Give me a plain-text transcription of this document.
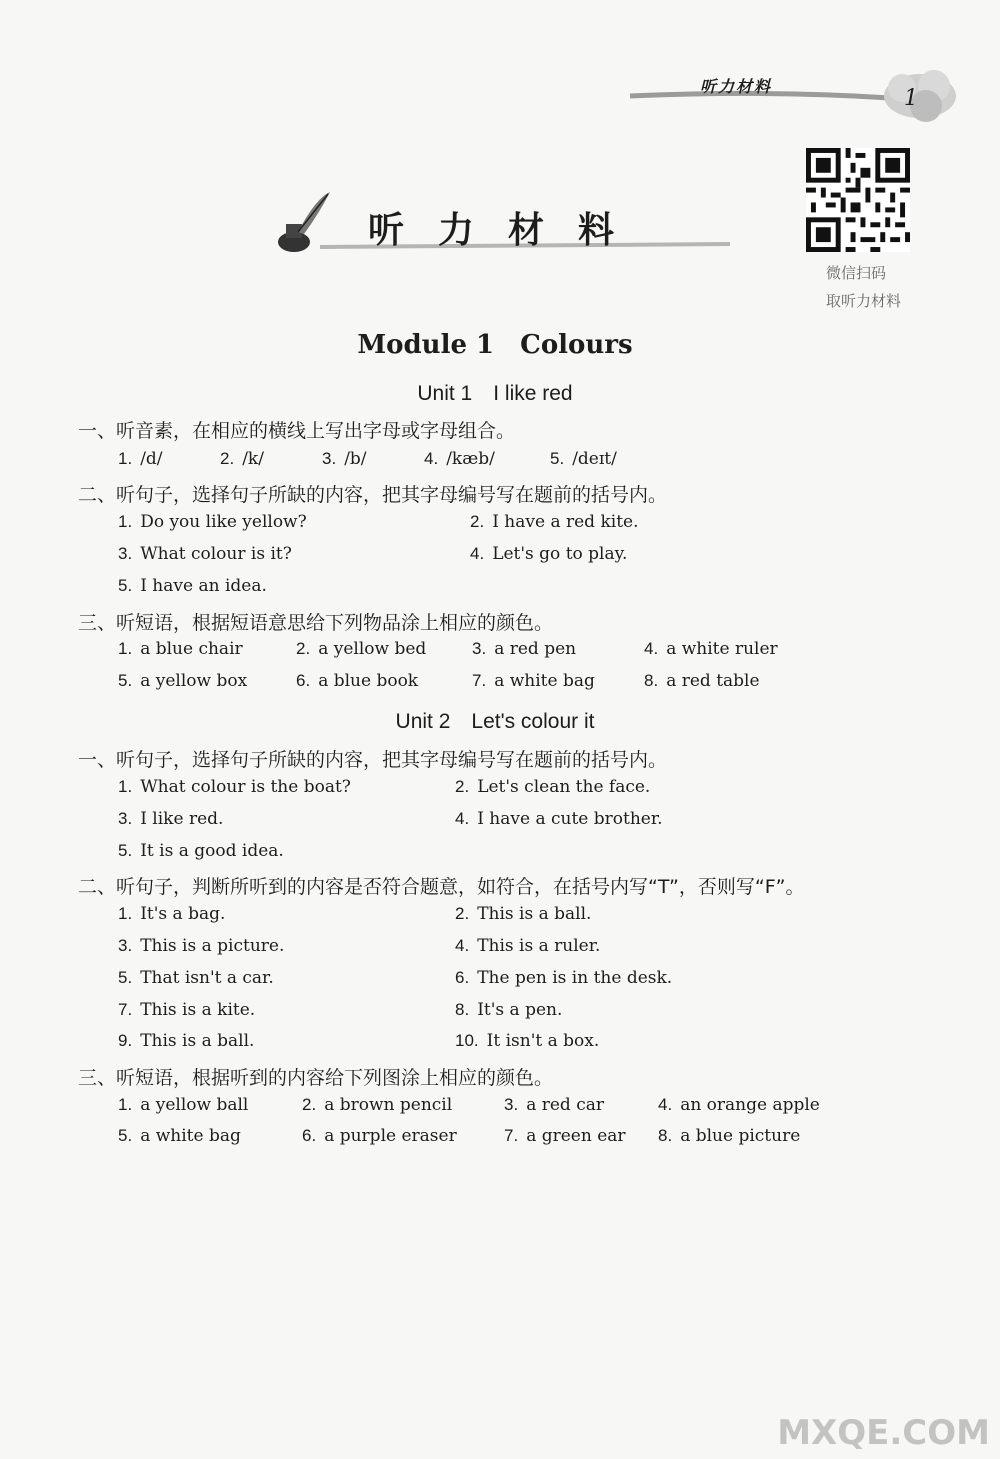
听力材料	1
听力材料
微信扫码
取听力材料
Module 1　Colours
Unit 1　I like red
一、听音素，在相应的横线上写出字母或字母组合。
1. /d/	2. /k/	3. /b/	4. /kæb/	5. /deɪt/
二、听句子，选择句子所缺的内容，把其字母编号写在题前的括号内。
1. Do you like yellow?	2. I have a red kite.
3. What colour is it?	4. Let's go to play.
5. I have an idea.
三、听短语，根据短语意思给下列物品涂上相应的颜色。
1. a blue chair	2. a yellow bed	3. a red pen	4. a white ruler
5. a yellow box	6. a blue book	7. a white bag	8. a red table
Unit 2　Let's colour it
一、听句子，选择句子所缺的内容，把其字母编号写在题前的括号内。
1. What colour is the boat?	2. Let's clean the face.
3. I like red.	4. I have a cute brother.
5. It is a good idea.
二、听句子，判断所听到的内容是否符合题意，如符合，在括号内写“T”，否则写“F”。
1. It's a bag.	2. This is a ball.
3. This is a picture.	4. This is a ruler.
5. That isn't a car.	6. The pen is in the desk.
7. This is a kite.	8. It's a pen.
9. This is a ball.	10. It isn't a box.
三、听短语，根据听到的内容给下列图涂上相应的颜色。
1. a yellow ball	2. a brown pencil	3. a red car	4. an orange apple
5. a white bag	6. a purple eraser	7. a green ear 8. a blue picture
MXQE.COM
